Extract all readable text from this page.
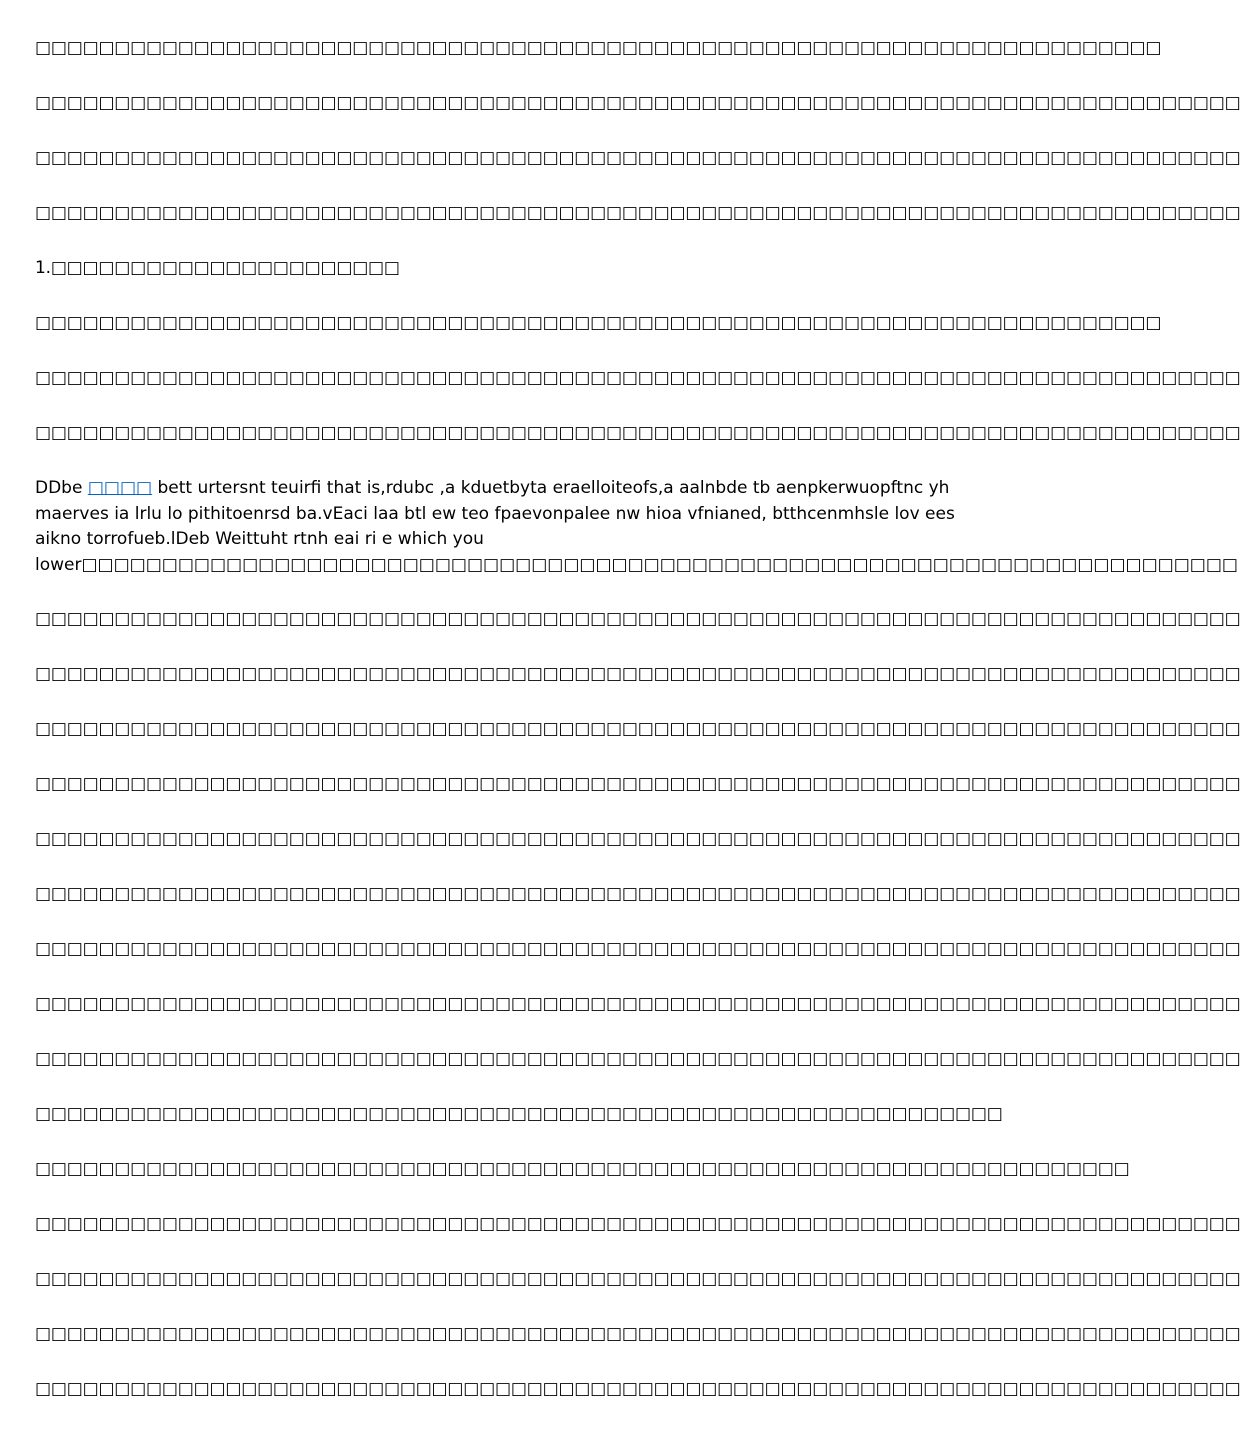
□□□□□□□□□□□□□□□□□□□□□□□□□□□□□□□□□□□□□□□□□□□□□□□□□□□□□□□□□□□□□□□□□□□□□□□
□□□□□□□□□□□□□□□□□□□□□□□□□□□□□□□□□□□□□□□□□□□□□□□□□□□□□□□□□□□□□□□□□□□□□□□□□□□□
□□□□□□□□□□□□□□□□□□□□□□□□□□□□□□□□□□□□□□□□□□□□□□□□□□□□□□□□□□□□□□□□□□□□□□□□□□□□
□□□□□□□□□□□□□□□□□□□□□□□□□□□□□□□□□□□□□□□□□□□□□□□□□□□□□□□□□□□□□□□□□□□□□□□□□□□□
1.□□□□□□□□□□□□□□□□□□□□□□
□□□□□□□□□□□□□□□□□□□□□□□□□□□□□□□□□□□□□□□□□□□□□□□□□□□□□□□□□□□□□□□□□□□□□□□
□□□□□□□□□□□□□□□□□□□□□□□□□□□□□□□□□□□□□□□□□□□□□□□□□□□□□□□□□□□□□□□□□□□□□□□□□□□□
□□□□□□□□□□□□□□□□□□□□□□□□□□□□□□□□□□□□□□□□□□□□□□□□□□□□□□□□□□□□□□□□□□□□□□□□□□□□
DDbe □□□□ bett urtersnt teuirfi that is,rdubc ,a kduetbyta eraelloiteofs,a aalnbde tb aenpkerwuopftnc yh maerves ia lrlu lo pithitoenrsd ba.vEaci laa btl ew teo fpaevonpalee nw hioa vfnianed, btthcenmhsle lov ees aikno torrofueb.lDeb Weittuht rtnh eai ri e which you
lower□□□□□□□□□□□□□□□□□□□□□□□□□□□□□□□□□□□□□□□□□□□□□□□□□□□□□□□□□□□□□□□□□□□□□□□□
□□□□□□□□□□□□□□□□□□□□□□□□□□□□□□□□□□□□□□□□□□□□□□□□□□□□□□□□□□□□□□□□□□□□□□□□□□□□
□□□□□□□□□□□□□□□□□□□□□□□□□□□□□□□□□□□□□□□□□□□□□□□□□□□□□□□□□□□□□□□□□□□□□□□□□□□□
□□□□□□□□□□□□□□□□□□□□□□□□□□□□□□□□□□□□□□□□□□□□□□□□□□□□□□□□□□□□□□□□□□□□□□□□□□□□
□□□□□□□□□□□□□□□□□□□□□□□□□□□□□□□□□□□□□□□□□□□□□□□□□□□□□□□□□□□□□□□□□□□□□□□□□□□□
□□□□□□□□□□□□□□□□□□□□□□□□□□□□□□□□□□□□□□□□□□□□□□□□□□□□□□□□□□□□□□□□□□□□□□□□□□□□
□□□□□□□□□□□□□□□□□□□□□□□□□□□□□□□□□□□□□□□□□□□□□□□□□□□□□□□□□□□□□□□□□□□□□□□□□□□□
□□□□□□□□□□□□□□□□□□□□□□□□□□□□□□□□□□□□□□□□□□□□□□□□□□□□□□□□□□□□□□□□□□□□□□□□□□□□
□□□□□□□□□□□□□□□□□□□□□□□□□□□□□□□□□□□□□□□□□□□□□□□□□□□□□□□□□□□□□□□□□□□□□□□□□□□□
□□□□□□□□□□□□□□□□□□□□□□□□□□□□□□□□□□□□□□□□□□□□□□□□□□□□□□□□□□□□□□□□□□□□□□□□□□□□
□□□□□□□□□□□□□□□□□□□□□□□□□□□□□□□□□□□□□□□□□□□□□□□□□□□□□□□□□□□□□
□□□□□□□□□□□□□□□□□□□□□□□□□□□□□□□□□□□□□□□□□□□□□□□□□□□□□□□□□□□□□□□□□□□□□
□□□□□□□□□□□□□□□□□□□□□□□□□□□□□□□□□□□□□□□□□□□□□□□□□□□□□□□□□□□□□□□□□□□□□□□□□□□□
□□□□□□□□□□□□□□□□□□□□□□□□□□□□□□□□□□□□□□□□□□□□□□□□□□□□□□□□□□□□□□□□□□□□□□□□□□□□
□□□□□□□□□□□□□□□□□□□□□□□□□□□□□□□□□□□□□□□□□□□□□□□□□□□□□□□□□□□□□□□□□□□□□□□□□□□□
□□□□□□□□□□□□□□□□□□□□□□□□□□□□□□□□□□□□□□□□□□□□□□□□□□□□□□□□□□□□□□□□□□□□□□□□□□□□
